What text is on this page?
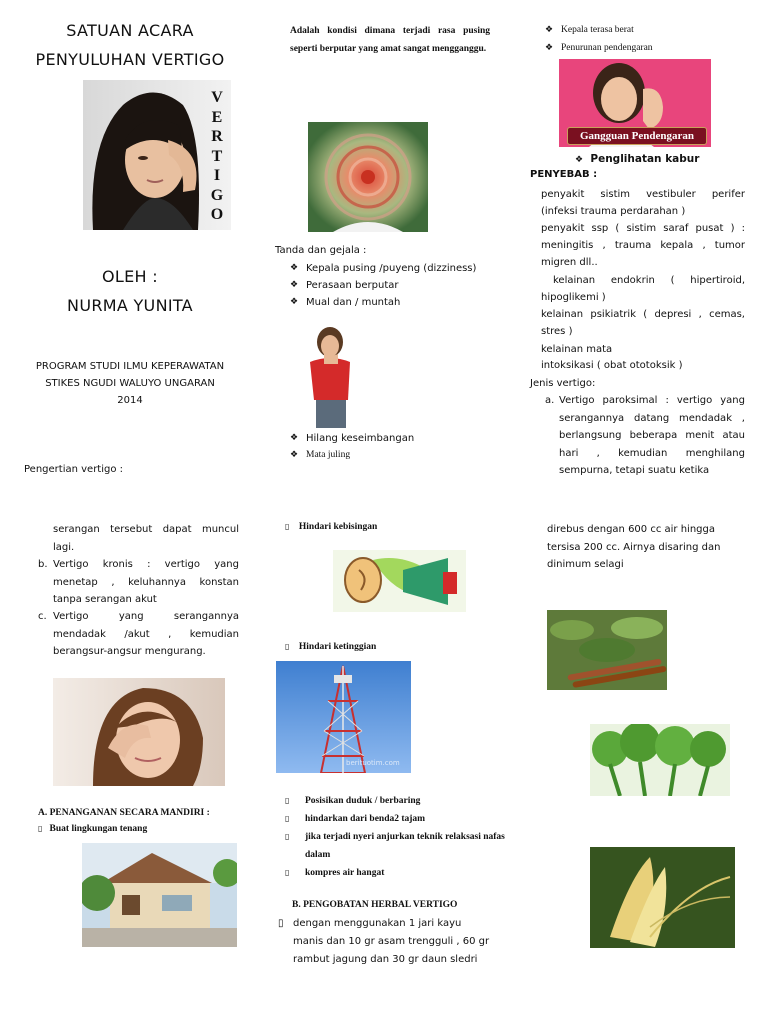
SATUAN ACARA
PENYULUHAN VERTIGO
V
E
R
T
I
G
O
OLEH :
NURMA YUNITA
PROGRAM STUDI ILMU KEPERAWATAN
STIKES NGUDI WALUYO UNGARAN
2014
Pengertian vertigo :
Adalah kondisi dimana terjadi rasa pusing seperti berputar yang amat sangat mengganggu.
Tanda dan gejala :
❖ Kepala pusing /puyeng (dizziness)
❖ Perasaan berputar
❖ Mual dan / muntah
❖ Hilang keseimbangan
❖ Mata juling
❖ Kepala terasa berat
❖ Penurunan pendengaran
Gangguan Pendengaran
❖ Penglihatan kabur
PENYEBAB :
penyakit sistim vestibuler perifer (infeksi trauma perdarahan )
penyakit ssp ( sistim saraf pusat ) : meningitis , trauma kepala , tumor migren dll..
kelainan endokrin ( hipertiroid, hipoglikemi )
kelainan psikiatrik ( depresi , cemas, stres )
kelainan mata
intoksikasi ( obat ototoksik )
Jenis vertigo:
a. Vertigo paroksimal : vertigo yang serangannya datang mendadak , berlangsung beberapa menit atau hari , kemudian menghilang sempurna, tetapi suatu ketika
serangan tersebut dapat muncul lagi.
b. Vertigo kronis : vertigo yang menetap , keluhannya konstan tanpa serangan akut
c. Vertigo yang serangannya mendadak /akut , kemudian berangsur-angsur mengurang.
A. PENANGANAN SECARA MANDIRI :
▯ Buat lingkungan tenang
▯ Hindari kebisingan
▯ Hindari ketinggian
berituotim.com
▯ Posisikan duduk / berbaring
▯ hindarkan dari benda2 tajam
▯ jika terjadi nyeri anjurkan teknik relaksasi nafas dalam
▯ kompres air hangat
B. PENGOBATAN HERBAL VERTIGO
▯ dengan menggunakan 1 jari kayu manis dan 10 gr asam trengguli , 60 gr rambut jagung dan 30 gr daun sledri
direbus dengan 600 cc air hingga tersisa 200 cc. Airnya disaring dan dinimum selagi
